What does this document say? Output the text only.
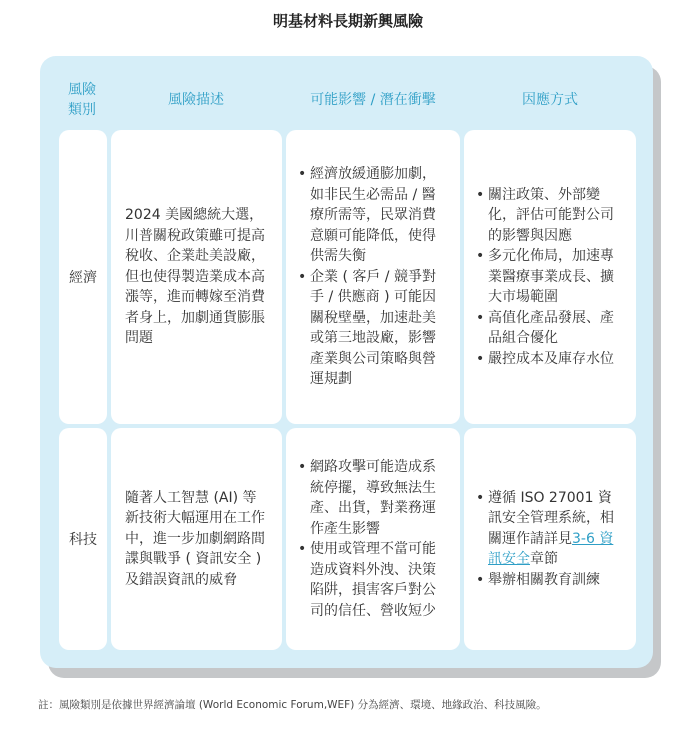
明基材料長期新興風險
風險
類別
風險描述	可能影響 / 潛在衝擊	因應方式
經濟
2024 美國總統大選，川普關稅政策雖可提高稅收、企業赴美設廠，但也使得製造業成本高漲等，進而轉嫁至消費者身上，加劇通貨膨脹問題
• 經濟放緩通膨加劇，如非民生必需品 / 醫療所需等，民眾消費意願可能降低，使得供需失衡
• 企業 ( 客戶 / 競爭對手 / 供應商 ) 可能因關稅壁壘，加速赴美或第三地設廠，影響產業與公司策略與營運規劃
• 關注政策、外部變化，評估可能對公司的影響與因應
• 多元化佈局，加速專業醫療事業成長、擴大市場範圍
• 高值化產品發展、產品組合優化
• 嚴控成本及庫存水位
科技
隨著人工智慧 (AI) 等新技術大幅運用在工作中，進一步加劇網路間諜與戰爭 ( 資訊安全 ) 及錯誤資訊的威脅
• 網路攻擊可能造成系統停擺，導致無法生產、出貨，對業務運作產生影響
• 使用或管理不當可能造成資料外洩、決策陷阱，損害客戶對公司的信任、營收短少
• 遵循 ISO 27001 資訊安全管理系統，相關運作請詳見3-6 資訊安全章節
• 舉辦相關教育訓練
註：風險類別是依據世界經濟論壇 (World Economic Forum,WEF) 分為經濟、環境、地緣政治、科技風險。
